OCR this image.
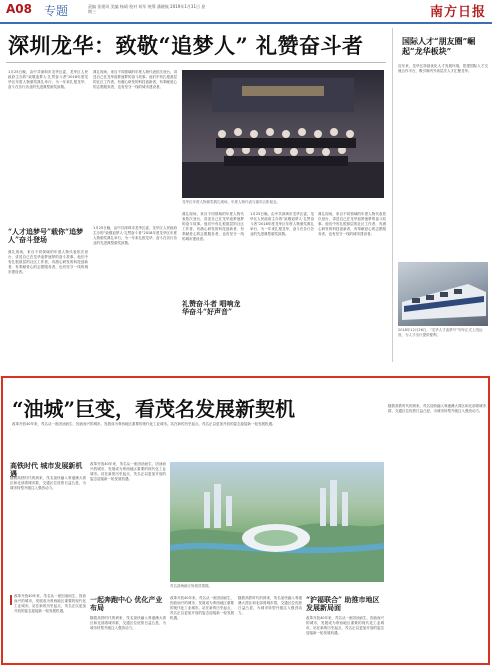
A08 专题	责编 张建风 美编 杨靖 校对 何军 统筹 潘晓航 2019年1月31日 星期三	南方日报
深圳龙华：致敬“追梦人” 礼赞奋斗者
1月25日晚，由中共深圳市龙华区委、龙华区人民政府主办的“致敬追梦人·礼赞奋斗者”2018年度龙华区年度人物颁奖典礼举行，为一年来扎根龙华、奋斗在各行各业的先进典型颁奖致敬。
典礼现场，来自不同领域的年度人物代表依次登台，讲述自己在龙华追梦逐梦的奋斗故事。他们中有扎根基层的社区工作者，有潜心研发的科技创新者，有奉献爱心的志愿服务者，也有坚守一线的城市建设者。
龙华区年度人物颁奖典礼现场，年度人物代表与嘉宾合影留念。
“人才追梦号”载你“追梦人”奋斗登场
典礼现场，来自不同领域的年度人物代表依次登台，讲述自己在龙华追梦逐梦的奋斗故事。他们中有扎根基层的社区工作者，有潜心研发的科技创新者，有奉献爱心的志愿服务者，也有坚守一线的城市建设者。
1月25日晚，由中共深圳市龙华区委、龙华区人民政府主办的“致敬追梦人·礼赞奋斗者”2018年度龙华区年度人物颁奖典礼举行，为一年来扎根龙华、奋斗在各行各业的先进典型颁奖致敬。
典礼现场，来自不同领域的年度人物代表依次登台，讲述自己在龙华追梦逐梦的奋斗故事。他们中有扎根基层的社区工作者，有潜心研发的科技创新者，有奉献爱心的志愿服务者，也有坚守一线的城市建设者。
礼赞奋斗者 唱响龙华奋斗“好声音”
1月25日晚，由中共深圳市龙华区委、龙华区人民政府主办的“致敬追梦人·礼赞奋斗者”2018年度龙华区年度人物颁奖典礼举行，为一年来扎根龙华、奋斗在各行各业的先进典型颁奖致敬。
典礼现场，来自不同领域的年度人物代表依次登台，讲述自己在龙华追梦逐梦的奋斗故事。他们中有扎根基层的社区工作者，有潜心研发的科技创新者，有奉献爱心的志愿服务者，也有坚守一线的城市建设者。
国际人才“朋友圈”崛起“龙华板块”
近年来，龙华区持续优化人才发展环境，搭建国际人才交流合作平台，吸引海内外高层次人才汇聚龙华。
2018年12月26日，“龙华人才追梦号”列车正式上线运营，为人才出行提供便利。
“油城”巨变，看茂名发展新契机
改革开放40年来，茂名从一座因油而生、因油而兴的城市，发展成为粤西地区重要的现代化工业城市。站在新的历史起点，茂名正以更加开放的姿态迎接新一轮发展机遇。
高铁时代 城市发展新机遇
随着高铁时代的到来，茂名加快融入粤港澳大湾区和北部湾城市群，交通区位优势日益凸显，为城市转型升级注入强劲动力。
改革开放40年来，茂名从一座因油而生、因油而兴的城市，发展成为粤西地区重要的现代化工业城市。站在新的历史起点，茂名正以更加开放的姿态迎接新一轮发展机遇。
茂名滨海新区规划效果图。
随着高铁时代的到来，茂名加快融入粤港澳大湾区和北部湾城市群，交通区位优势日益凸显，为城市转型升级注入强劲动力。
改革开放40年来，茂名从一座因油而生、因油而兴的城市，发展成为粤西地区重要的现代化工业城市。站在新的历史起点，茂名正以更加开放的姿态迎接新一轮发展机遇。
一起奔跑中心 优化产业布局
随着高铁时代的到来，茂名加快融入粤港澳大湾区和北部湾城市群，交通区位优势日益凸显，为城市转型升级注入强劲动力。
改革开放40年来，茂名从一座因油而生、因油而兴的城市，发展成为粤西地区重要的现代化工业城市。站在新的历史起点，茂名正以更加开放的姿态迎接新一轮发展机遇。
随着高铁时代的到来，茂名加快融入粤港澳大湾区和北部湾城市群，交通区位优势日益凸显，为城市转型升级注入强劲动力。
“沪福联合” 助推市地区发展新局面
改革开放40年来，茂名从一座因油而生、因油而兴的城市，发展成为粤西地区重要的现代化工业城市。站在新的历史起点，茂名正以更加开放的姿态迎接新一轮发展机遇。
